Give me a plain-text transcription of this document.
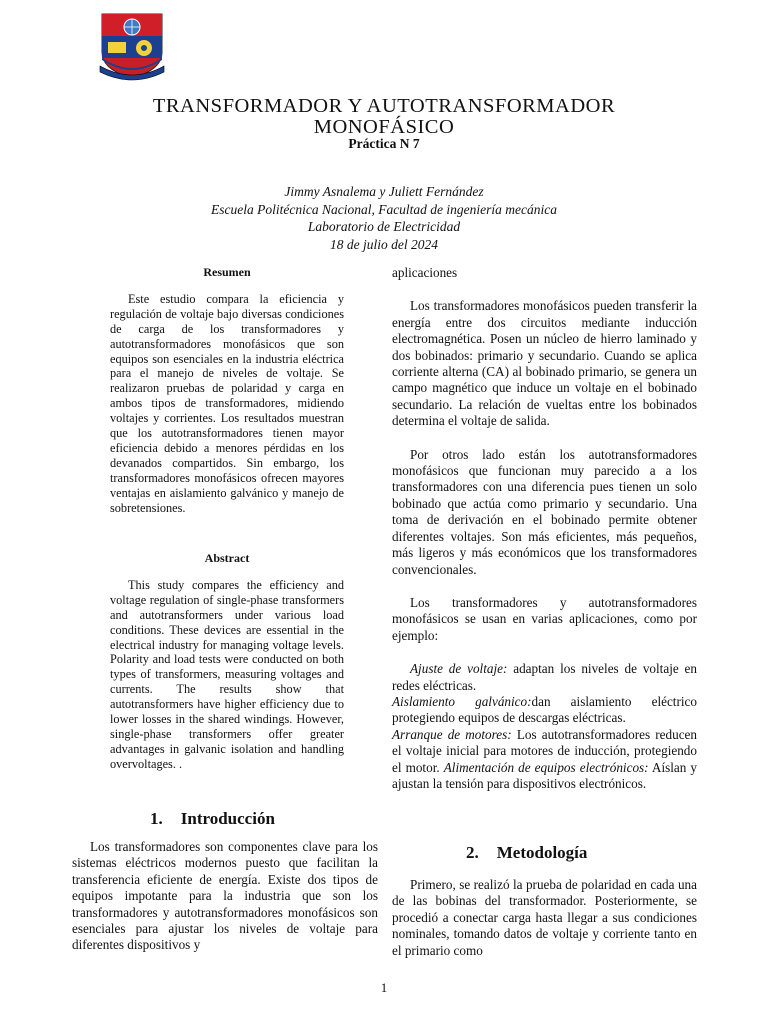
TRANSFORMADOR Y AUTOTRANSFORMADOR
MONOFÁSICO
Práctica N 7
Jimmy Asnalema y Juliett Fernández
Escuela Politécnica Nacional, Facultad de ingeniería mecánica
Laboratorio de Electricidad
18 de julio del 2024
Resumen

Este estudio compara la eficiencia y regulación de voltaje bajo diversas condiciones de carga de los transformadores y autotransformadores monofásicos que son equipos son esenciales en la industria eléctrica para el manejo de niveles de voltaje. Se realizaron pruebas de polaridad y carga en ambos tipos de transformadores, midiendo voltajes y corrientes. Los resultados muestran que los autotransformadores tienen mayor eficiencia debido a menores pérdidas en los devanados compartidos. Sin embargo, los transformadores monofásicos ofrecen mayores ventajas en aislamiento galvánico y manejo de sobretensiones.

Abstract

This study compares the efficiency and voltage regulation of single-phase transformers and autotransformers under various load conditions. These devices are essential in the electrical industry for managing voltage levels. Polarity and load tests were conducted on both types of transformers, measuring voltages and currents. The results show that autotransformers have higher efficiency due to lower losses in the shared windings. However, single-phase transformers offer greater advantages in galvanic isolation and handling overvoltages. .

1. Introducción

Los transformadores son componentes clave para los sistemas eléctricos modernos puesto que facilitan la transferencia eficiente de energía. Existe dos tipos de equipos impotante para la industria que son los transformadores y autotransformadores monofásicos son esenciales para ajustar los niveles de voltaje para diferentes dispositivos y

aplicaciones

Los transformadores monofásicos pueden transferir la energía entre dos circuitos mediante inducción electromagnética. Posen un núcleo de hierro laminado y dos bobinados: primario y secundario. Cuando se aplica corriente alterna (CA) al bobinado primario, se genera un campo magnético que induce un voltaje en el bobinado secundario. La relación de vueltas entre los bobinados determina el voltaje de salida.

Por otros lado están los autotransformadores monofásicos que funcionan muy parecido a a los transformadores con una diferencia pues tienen un solo bobinado que actúa como primario y secundario. Una toma de derivación en el bobinado permite obtener diferentes voltajes. Son más eficientes, más pequeños, más ligeros y más económicos que los transformadores convencionales.

Los transformadores y autotransformadores monofásicos se usan en varias aplicaciones, como por ejemplo:

Ajuste de voltaje: adaptan los niveles de voltaje en redes eléctricas.

Aislamiento galvánico:dan aislamiento eléctrico protegiendo equipos de descargas eléctricas.

Arranque de motores: Los autotransformadores reducen el voltaje inicial para motores de inducción, protegiendo el motor. Alimentación de equipos electrónicos: Aíslan y ajustan la tensión para dispositivos electrónicos.

2. Metodología

Primero, se realizó la prueba de polaridad en cada una de las bobinas del transformador. Posteriormente, se procedió a conectar carga hasta llegar a sus condiciones nominales, tomando datos de voltaje y corriente tanto en el primario como

1
